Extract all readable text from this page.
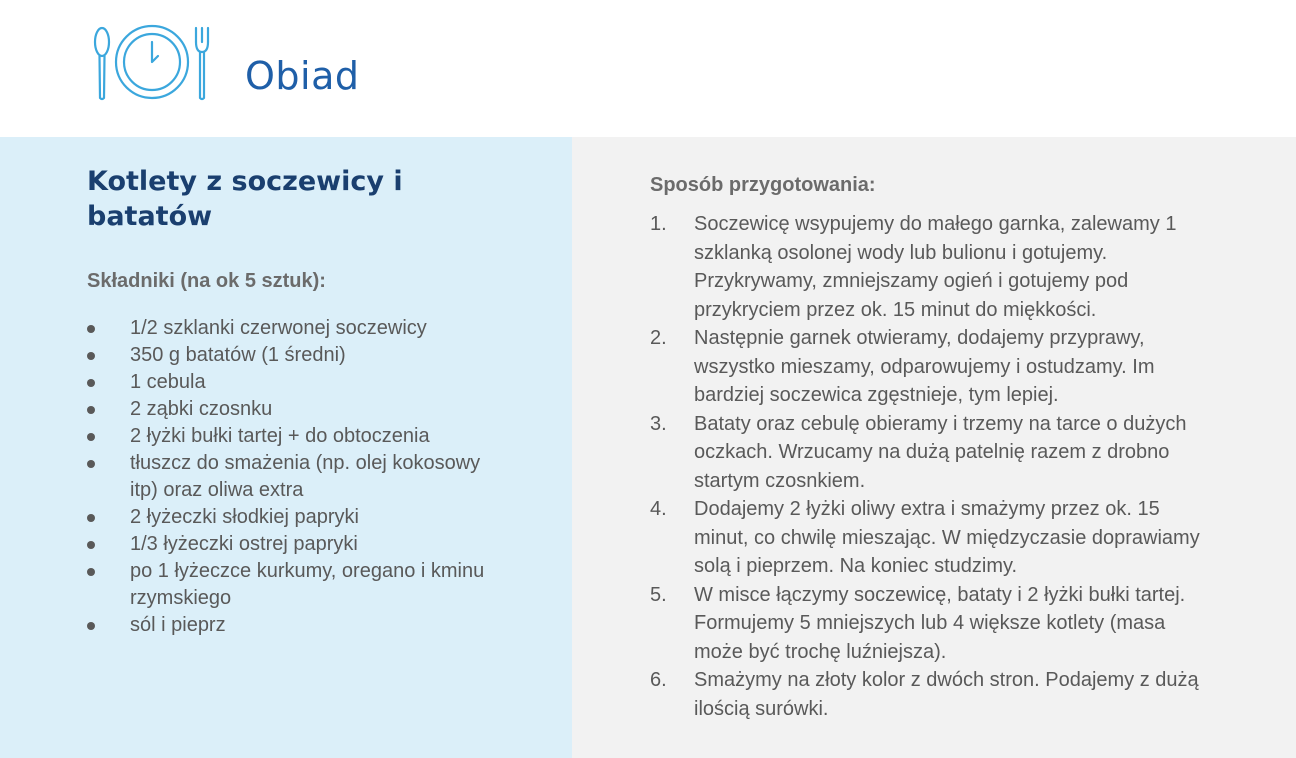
Obiad
Kotlety z soczewicy i batatów
Składniki (na ok 5 sztuk):
1/2 szklanki czerwonej soczewicy
350 g batatów (1 średni)
1 cebula
2 ząbki czosnku
2 łyżki bułki tartej + do obtoczenia
tłuszcz do smażenia (np. olej kokosowy itp) oraz oliwa extra
2 łyżeczki słodkiej papryki
1/3 łyżeczki ostrej papryki
po 1 łyżeczce kurkumy, oregano i kminu rzymskiego
sól i pieprz
Sposób przygotowania:
1. Soczewicę wsypujemy do małego garnka, zalewamy 1 szklanką osolonej wody lub bulionu i gotujemy. Przykrywamy, zmniejszamy ogień i gotujemy pod przykryciem przez ok. 15 minut do miękkości.
2. Następnie garnek otwieramy, dodajemy przyprawy, wszystko mieszamy, odparowujemy i ostudzamy. Im bardziej soczewica zgęstnieje, tym lepiej.
3. Bataty oraz cebulę obieramy i trzemy na tarce o dużych oczkach. Wrzucamy na dużą patelnię razem z drobno startym czosnkiem.
4. Dodajemy 2 łyżki oliwy extra i smażymy przez ok. 15 minut, co chwilę mieszając. W międzyczasie doprawiamy solą i pieprzem. Na koniec studzimy.
5. W misce łączymy soczewicę, bataty i 2 łyżki bułki tartej. Formujemy 5 mniejszych lub 4 większe kotlety (masa może być trochę luźniejsza).
6. Smażymy na złoty kolor z dwóch stron. Podajemy z dużą ilością surówki.
